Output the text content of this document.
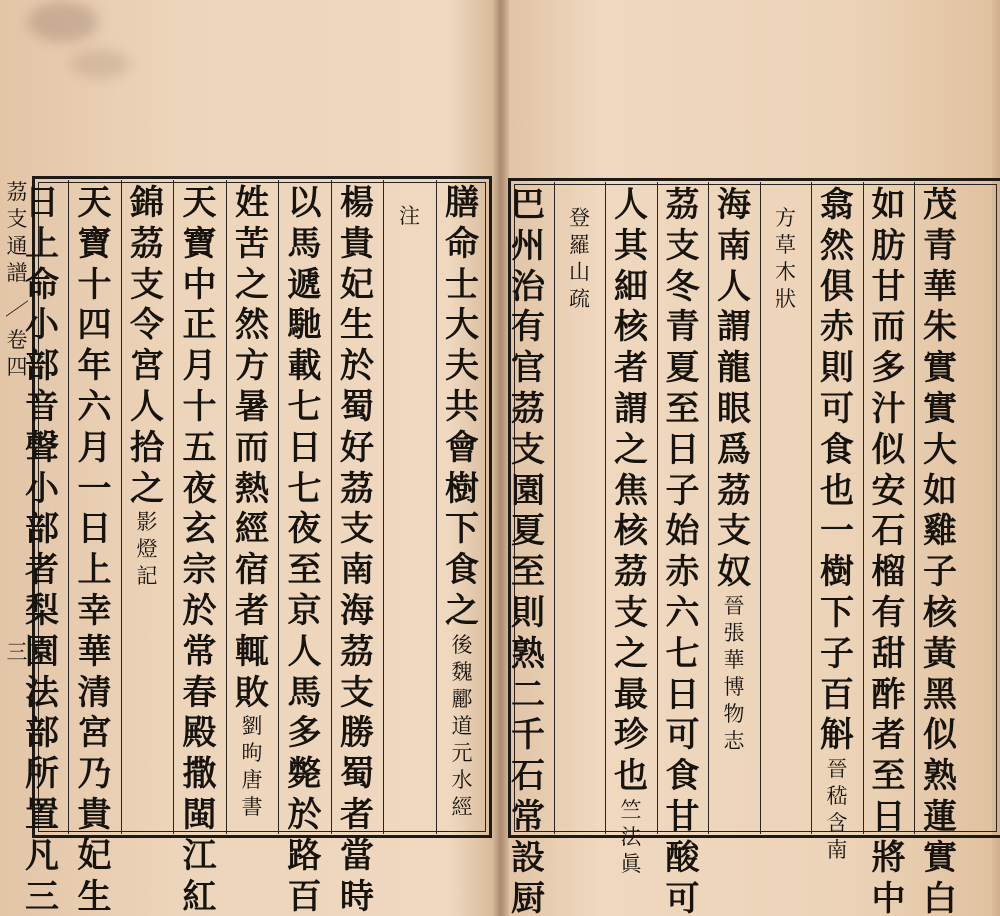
茘
支
通
譜
卷
四
三
膳
命
士
大
夫
共
會
樹
下
食
之
後
魏
酈
道
元
水
經
注
楊
貴
妃
生
於
蜀
好
茘
支
南
海
茘
支
勝
蜀
者
當
時
以
馬
遞
馳
載
七
日
七
夜
至
京
人
馬
多
斃
於
路
百
姓
苦
之
然
方
暑
而
熱
經
宿
者
輒
敗
劉
昫
唐
書
天
寶
中
正
月
十
五
夜
玄
宗
於
常
春
殿
撒
閩
江
紅
錦
茘
支
令
宮
人
拾
之
影
燈
記
天
寶
十
四
年
六
月
一
日
上
幸
華
清
宮
乃
貴
妃
生
日
上
命
小
部
音
聲
小
部
者
梨
園
法
部
所
置
凡
三
茂
青
華
朱
實
實
大
如
雞
子
核
黃
黑
似
熟
蓮
實
白
如
肪
甘
而
多
汁
似
安
石
榴
有
甜
酢
者
至
日
將
中
翕
然
俱
赤
則
可
食
也
一
樹
下
子
百
斛
晉
嵇
含
南
方
草
木
狀
海
南
人
謂
龍
眼
爲
茘
支
奴
晉
張
華
博
物
志
茘
支
冬
青
夏
至
日
子
始
赤
六
七
日
可
食
甘
酸
可
人
其
細
核
者
謂
之
焦
核
茘
支
之
最
珍
也
竺
法
眞
登
羅
山
疏
巴
州
治
有
官
茘
支
園
夏
至
則
熟
二
千
石
常
設
厨
